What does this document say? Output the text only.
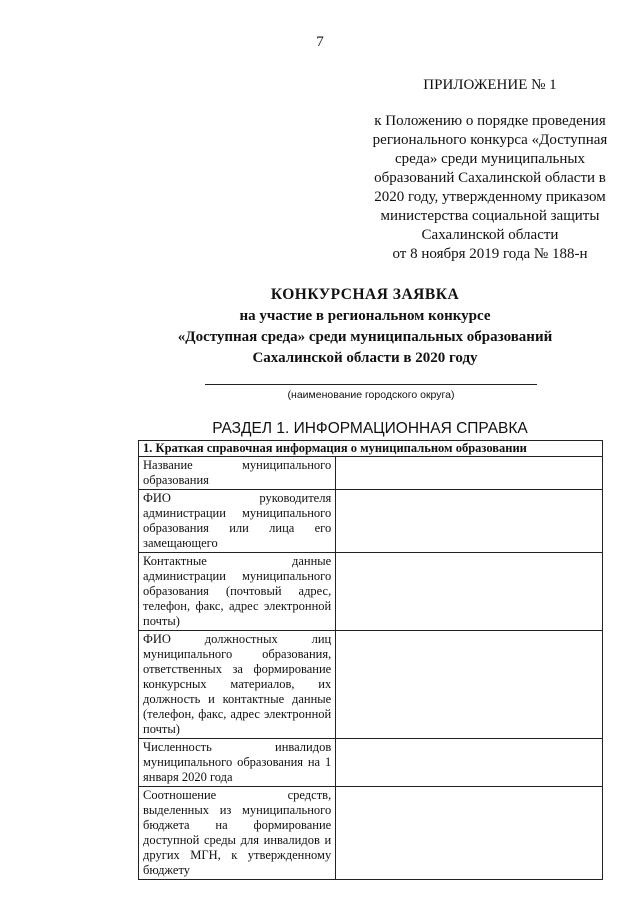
7
ПРИЛОЖЕНИЕ № 1
к Положению о порядке проведения
регионального конкурса «Доступная
среда» среди муниципальных
образований Сахалинской области в
2020 году, утвержденному приказом
министерства социальной защиты
Сахалинской области
от 8 ноября 2019 года № 188-н
КОНКУРСНАЯ ЗАЯВКА
на участие в региональном конкурсе
«Доступная среда» среди муниципальных образований
Сахалинской области в 2020 году
(наименование городского округа)
РАЗДЕЛ 1. ИНФОРМАЦИОННАЯ СПРАВКА
1. Краткая справочная информация о муниципальном образовании	
Название муниципального образования	
ФИО руководителя администрации муниципального образования или лица его замещающего	
Контактные данные администрации муниципального образования (почтовый адрес, телефон, факс, адрес электронной почты)	
ФИО должностных лиц муниципального образования, ответственных за формирование конкурсных материалов, их должность и контактные данные (телефон, факс, адрес электронной почты)	
Численность инвалидов муниципального образования на 1 января 2020 года	
Соотношение средств, выделенных из муниципального бюджета на формирование доступной среды для инвалидов и других МГН, к утвержденному бюджету	
